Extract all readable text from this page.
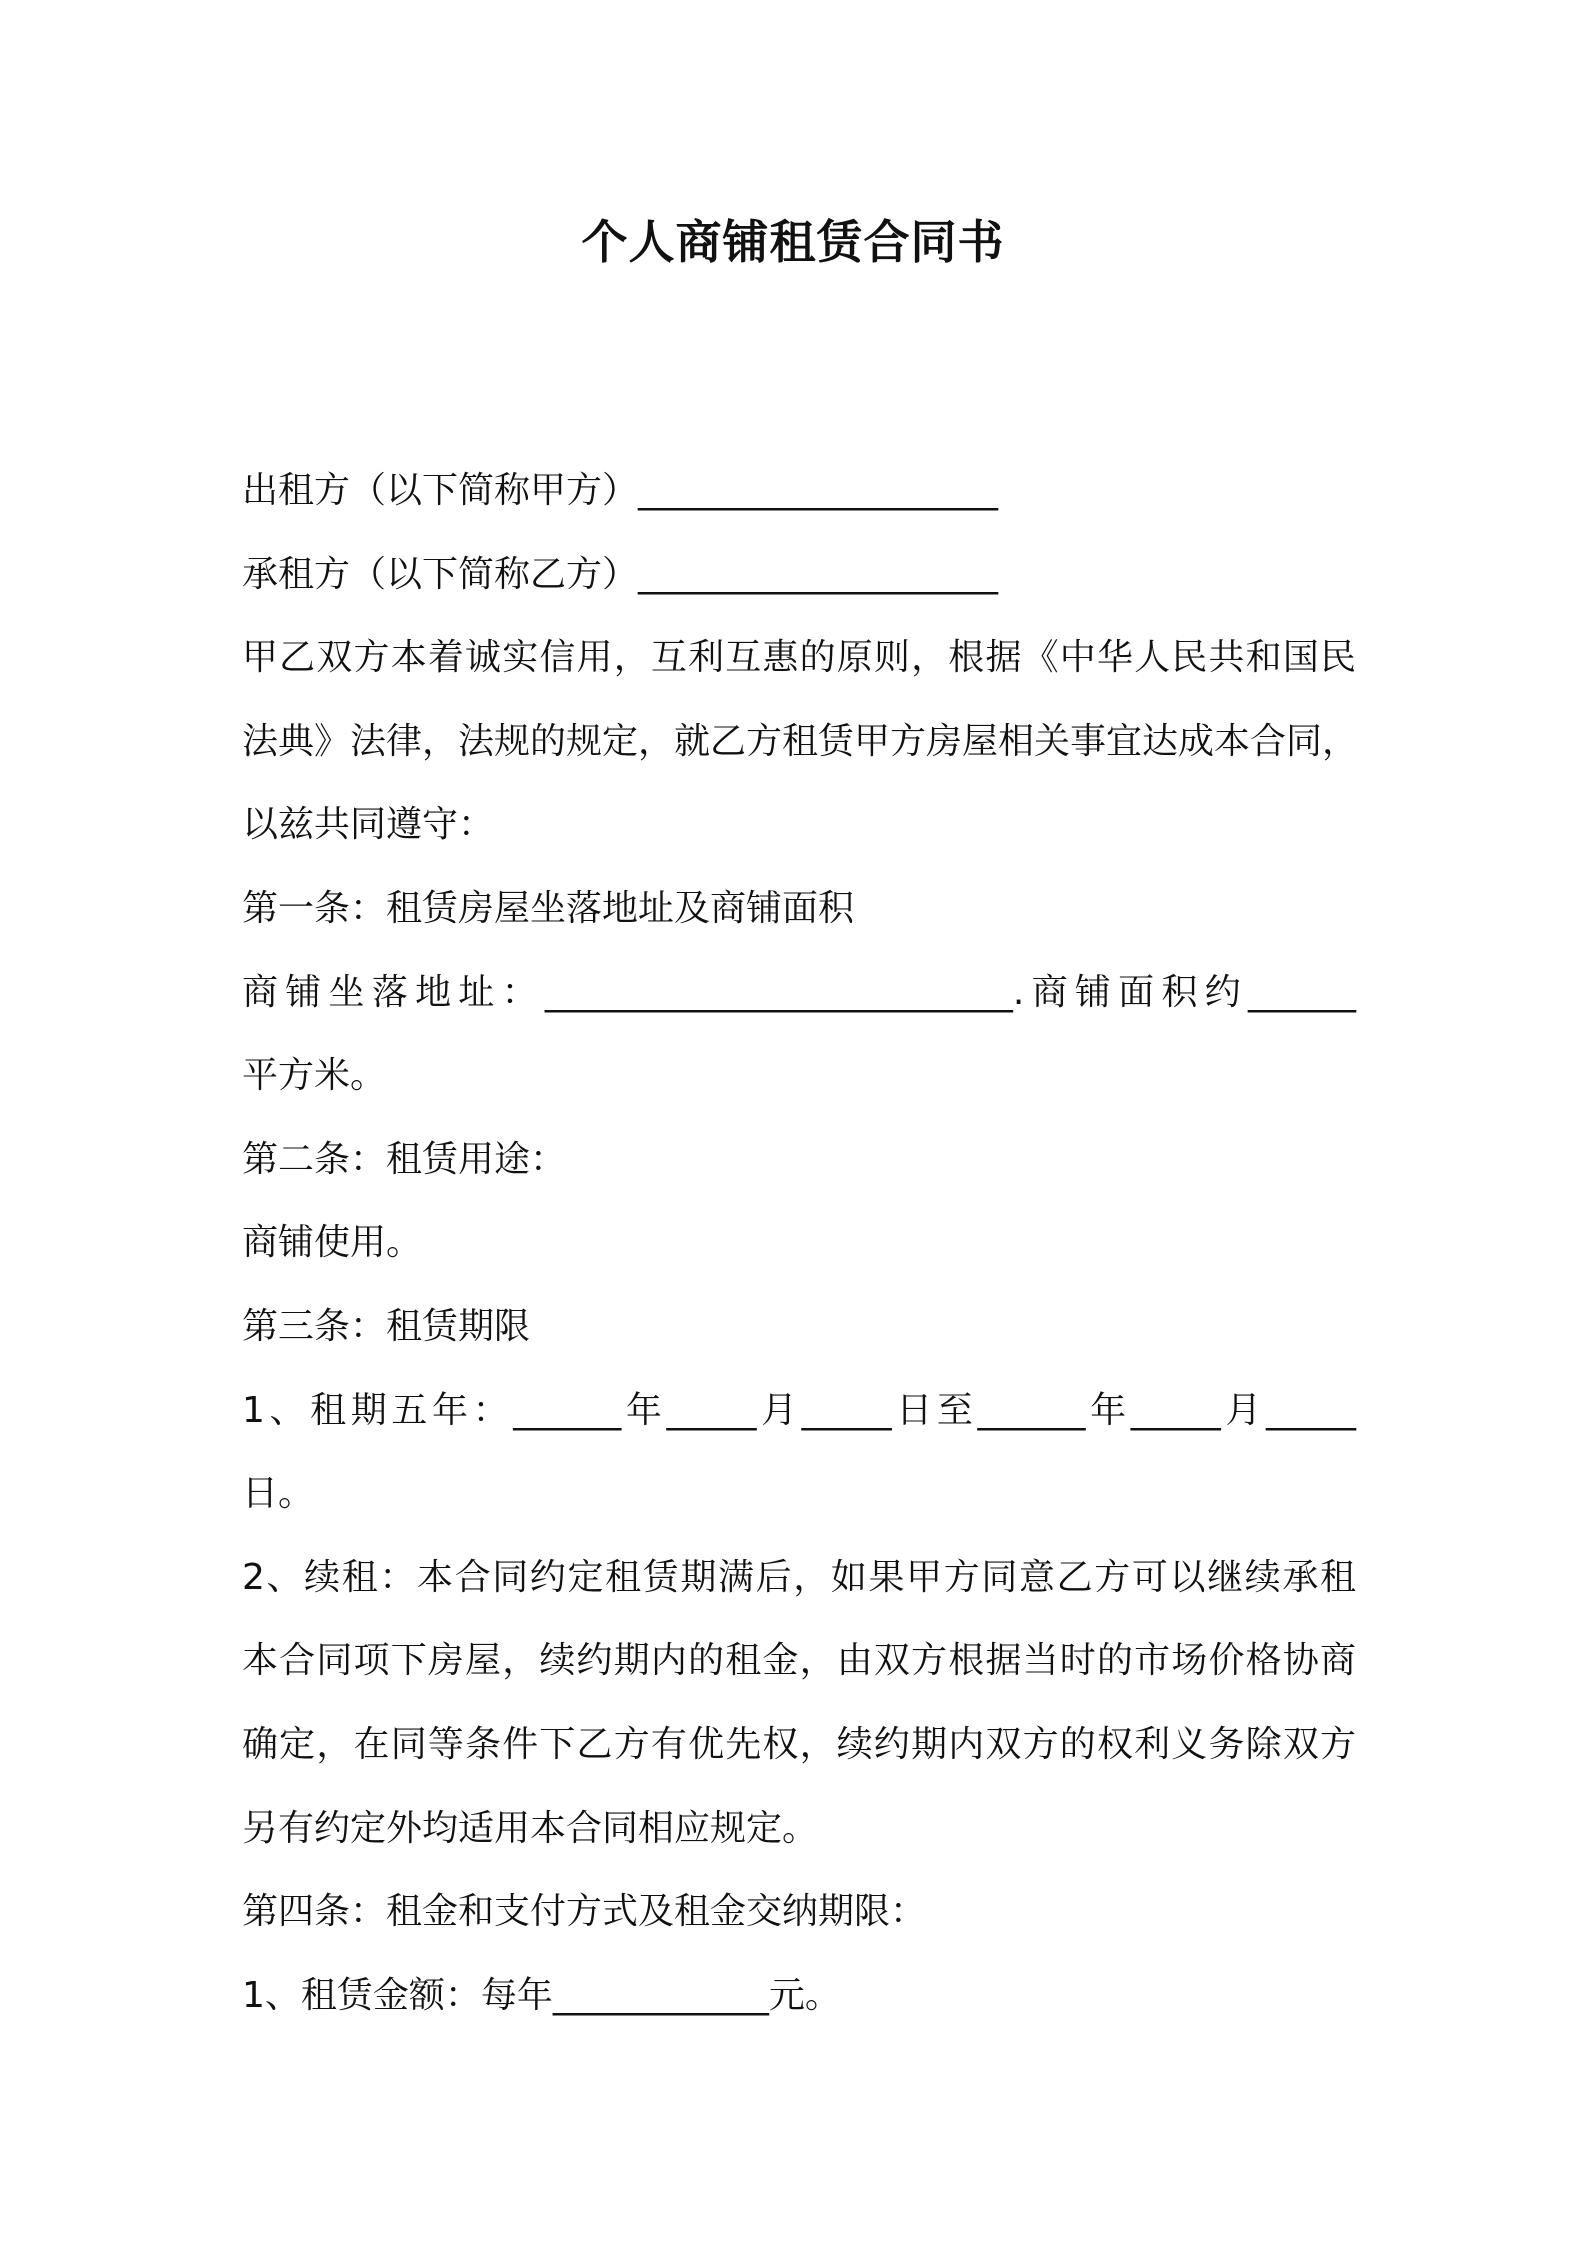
个人商铺租赁合同书

出租方（以下简称甲方）____________________

承租方（以下简称乙方）____________________

甲乙双方本着诚实信用，互利互惠的原则，根据《中华人民共和国民

法典》法律，法规的规定，就乙方租赁甲方房屋相关事宜达成本合同，

以兹共同遵守：

第一条：租赁房屋坐落地址及商铺面积

商铺坐落地址：__________________________.商铺面积约______

平方米。

第二条：租赁用途：

商铺使用。

第三条：租赁期限

1、租期五年：______年_____月_____日至______年_____月_____

日。

2、续租：本合同约定租赁期满后，如果甲方同意乙方可以继续承租

本合同项下房屋，续约期内的租金，由双方根据当时的市场价格协商

确定，在同等条件下乙方有优先权，续约期内双方的权利义务除双方

另有约定外均适用本合同相应规定。

第四条：租金和支付方式及租金交纳期限：

1、租赁金额：每年____________元。
